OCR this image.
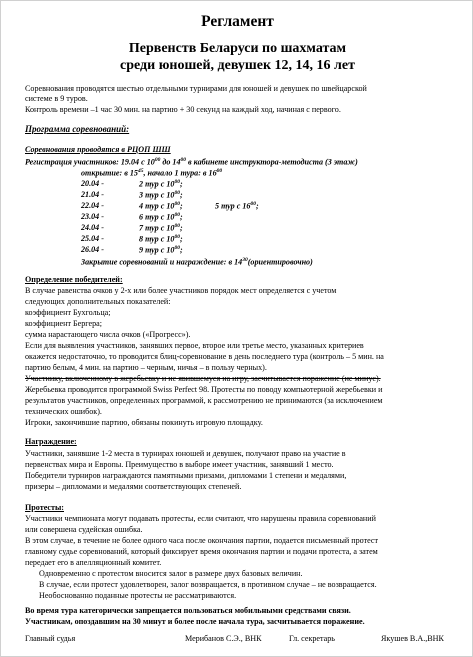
Регламент
Первенств Беларуси по шахматам
среди юношей, девушек 12, 14, 16 лет
Соревнования проводятся шестью отдельными турнирами для юношей и девушек по швейцарской
системе в 9 туров.
Контроль времени –1 час 30 мин. на партию + 30 секунд на каждый ход, начиная с первого.
Программа соревнований:
Соревнования проводятся в РЦОП ШШ
Регистрация участников: 19.04 с $10^{00}$ до $14^{00}$ в кабинете инструктора-методиста (3 этаж)
открытие: в $15^{45}$, начало 1 тура: в $16^{00}$
20.04 -	2 тур с $10^{00}$;
21.04 -	3 тур с $10^{00}$;
22.04 -	4 тур с $10^{00}$;	5 тур с $16^{00}$;
23.04 -	6 тур с $10^{00}$;
24.04 -	7 тур с $10^{00}$;
25.04 -	8 тур с $10^{00}$;
26.04 -	9 тур с $10^{00}$;
Закрытие соревнований и награждение: в $14^{30}(ориентировочно)$
Определение победителей:
В случае равенства очков у 2-х или более участников порядок мест определяется с учетом
следующих дополнительных показателей:
коэффициент Бухгольца;
коэффициент Бергера;
сумма нарастающего числа очков («Прогресс»).
Если для выявления участников, занявших первое, второе или третье место, указанных критериев
окажется недостаточно, то проводится блиц-соревнование в день последнего тура (контроль – 5 мин. на
партию белым, 4 мин. на партию – черным, ничья – в пользу черных).
Участнику, включенному в жеребьевку и не явившемуся на игру, засчитывается поражение (не минус).
Жеребьевка проводится программой Swiss Perfect 98. Протесты по поводу компьютерной жеребьевки и
результатов участников, определенных программой, к рассмотрению не принимаются (за исключением
технических ошибок).
Игроки, закончившие партию, обязаны покинуть игровую площадку.
Награждение:
Участники, занявшие 1-2 места в турнирах юношей и девушек, получают право на участие в
первенствах мира и Европы. Преимущество в выборе имеет участник, занявший 1 место.
Победители турниров награждаются памятными призами, дипломами 1 степени и медалями,
призеры – дипломами и медалями соответствующих степеней.
Протесты:
Участники чемпионата могут подавать протесты, если считают, что нарушены правила соревнований
или совершена судейская ошибка.
В этом случае, в течение не более одного часа после окончания партии, подается письменный протест
главному судье соревнований, который фиксирует время окончания партии и подачи протеста, а затем
передает его в апелляционный комитет.
Одновременно с протестом вносится залог в размере двух базовых величин.
В случае, если протест удовлетворен, залог возвращается, в противном случае – не возвращается.
Необоснованно поданные протесты не рассматриваются.
Во время тура категорически запрещается пользоваться мобильными средствами связи.
Участникам, опоздавшим на 30 минут и более после начала тура, засчитывается поражение.
Главный судья	Мерибанов С.Э., ВНК	Гл. секретарь	Якушев В.А.,ВНК
